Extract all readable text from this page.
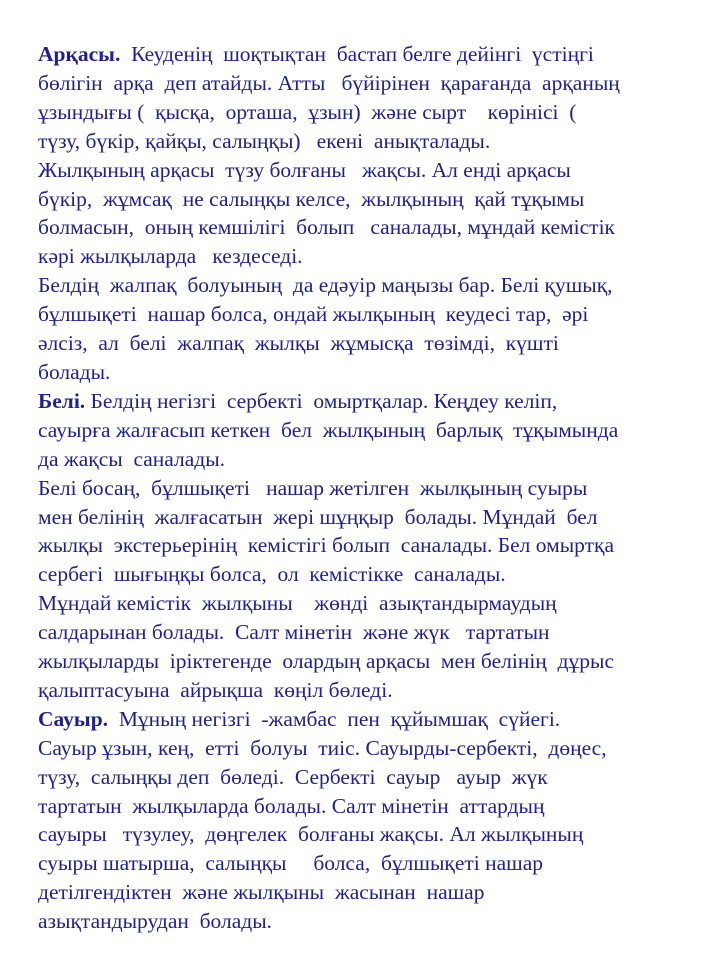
Арқасы.  Кеуденің  шоқтықтан  бастап белге дейінгі  үстіңгі
бөлігін  арқа  деп атайды. Атты   бүйірінен  қарағанда  арқаның
ұзындығы (  қысқа,  орташа,  ұзын)  және сырт    көрінісі  (
түзу, бүкір, қайқы, салыңқы)   екені  анықталады.
Жылқының арқасы  түзу болғаны   жақсы. Ал енді арқасы
бүкір,  жұмсақ  не салыңқы келсе,  жылқының  қай тұқымы
болмасын,  оның кемшілігі  болып   саналады, мұндай кемістік
кәрі жылқыларда   кездеседі.
Белдің  жалпақ  болуының  да едәуір маңызы бар. Белі қушық,
бұлшықеті  нашар болса, ондай жылқының  кеудесі тар,  әрі
әлсіз,  ал  белі  жалпақ  жылқы  жұмысқа  төзімді,  күшті
болады.
Белі. Белдің негізгі  сербекті  омыртқалар. Кеңдеу келіп,
сауырға жалғасып кеткен  бел  жылқының  барлық  тұқымында
да жақсы  саналады.
Белі босаң,  бұлшықеті   нашар жетілген  жылқының суыры
мен белінің  жалғасатын  жері шұңқыр  болады. Мұндай  бел
жылқы  экстерьерінің  кемістігі болып  саналады. Бел омыртқа
сербегі  шығыңқы болса,  ол  кемістікке  саналады.
Мұндай кемістік  жылқыны    жөнді  азықтандырмаудың
салдарынан болады.  Салт мінетін  және жүк   тартатын
жылқыларды  іріктегенде  олардың арқасы  мен белінің  дұрыс
қалыптасуына  айрықша  көңіл бөледі.
Сауыр.  Мұның негізгі  -жамбас  пен  құйымшақ  сүйегі.
Сауыр ұзын, кең,  етті  болуы  тиіс. Сауырды-сербекті,  дөңес,
түзу,  салыңқы деп  бөледі.  Сербекті  сауыр   ауыр  жүк
тартатын  жылқыларда болады. Салт мінетін  аттардың
сауыры   түзулеу,  дөңгелек  болғаны жақсы. Ал жылқының
суыры шатырша,  салыңқы     болса,  бұлшықеті нашар
детілгендіктен  және жылқыны  жасынан  нашар
азықтандырудан  болады.
